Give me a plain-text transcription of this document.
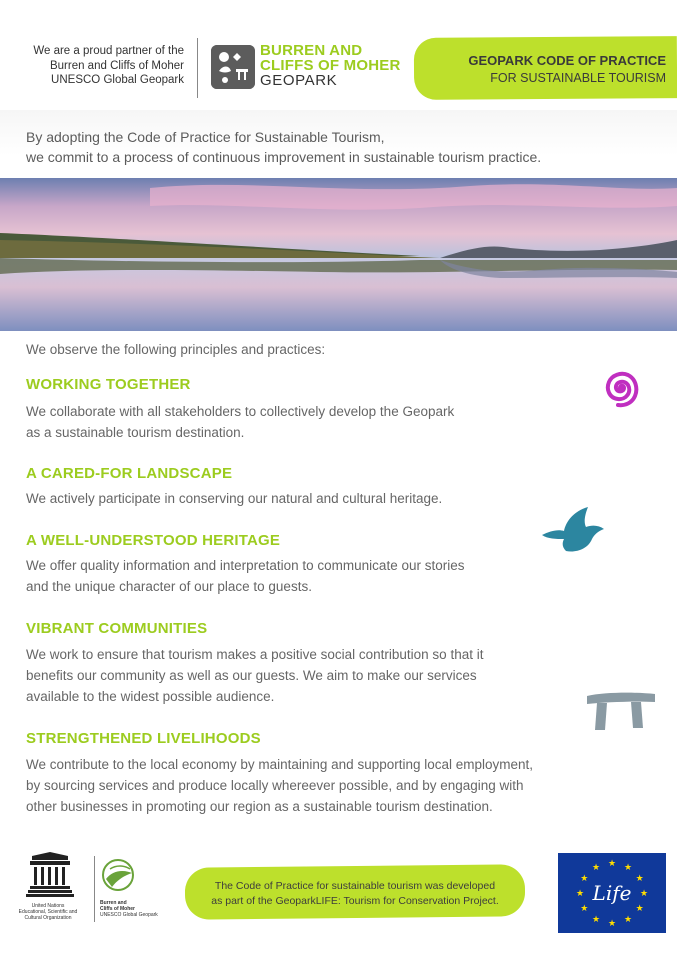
We are a proud partner of the
Burren and Cliffs of Moher
UNESCO Global Geopark
BURREN AND
CLIFFS OF MOHER
GEOPARK
GEOPARK CODE OF PRACTICE
FOR SUSTAINABLE TOURISM
By adopting the Code of Practice for Sustainable Tourism,
we commit to a process of continuous improvement in sustainable tourism practice.
We observe the following principles and practices:
WORKING TOGETHER
We collaborate with all stakeholders to collectively develop the Geopark
as a sustainable tourism destination.
A CARED-FOR LANDSCAPE
We actively participate in conserving our natural and cultural heritage.
A WELL-UNDERSTOOD HERITAGE
We offer quality information and interpretation to communicate our stories
and the unique character of our place to guests.
VIBRANT COMMUNITIES
We work to ensure that tourism makes a positive social contribution so that it
benefits our community as well as our guests. We aim to make our services
available to the widest possible audience.
STRENGTHENED LIVELIHOODS
We contribute to the local economy by maintaining and supporting local employment,
by sourcing services and produce locally whereever possible, and by engaging with
other businesses in promoting our region as a sustainable tourism destination.
United Nations
Educational, Scientific and
Cultural Organization
Burren and
Cliffs of Moher
UNESCO Global Geopark
The Code of Practice for sustainable tourism was developed
as part of the GeoparkLIFE: Tourism for Conservation Project.
★
★
★
★
★
★
★
★
★ ★ ★
★
Life
